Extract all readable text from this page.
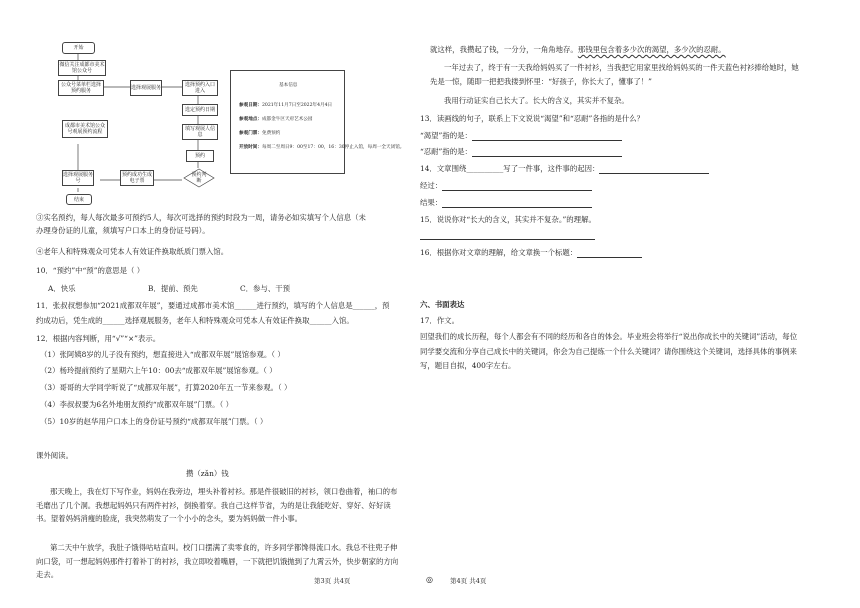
开始
微信关注成都市美术馆公众号
公众号菜单栏选择预约服务	选择观展服务	选择预约入口进入
选定预约日期
填写观展人信息
预约
成都市美术馆公众号观展预约流程
选择观展服务号
预约成功生成电子票
预约判断
结束
基本信息
参观日期：2021年11月7日至2022年4月4日
参观地点：成都金牛区天府艺术公园
参观门票：免费预约
开放时间：每周二至周日9：00至17：00，16：30停止入馆，每周一全天闭馆。
③实名预约，每人每次最多可预约5人，每次可选择的预约时段为一周，请务必如实填写个人信息（未
办理身份证的儿童，须填写户口本上的身份证号码）。
④老年人和特殊观众可凭本人有效证件换取纸质门票入馆。
10．“预约”中“预”的意思是（ ）
A．快乐	B．提前、预先	C．参与、干预
11．张叔叔想参加“2021成都双年展”，要通过成都市美术馆______进行预约，填写的个人信息是______，预
约成功后，凭生成的______选择观展服务，老年人和特殊观众可凭本人有效证件换取______入馆。
12．根据内容判断，用“√”“×”表示。
（1）张阿姨8岁的儿子没有预约，想直接进入“成都双年展”展馆参观。（ ）
（2）杨玲提前预约了星期六上午10：00去“成都双年展”展馆参观。（ ）
（3）哥哥的大学同学听说了“成都双年展”，打算2020年五一节来参观。（ ）
（4）李叔叔要为6名外地朋友预约“成都双年展”门票。（ ）
（5）10岁的赵华用户口本上的身份证号预约“成都双年展”门票。（ ）
课外阅读。
攒（zǎn）钱
那天晚上，我在灯下写作业，妈妈在我旁边，埋头补着衬衫。那是件很破旧的衬衫，领口卷曲着，袖口的布毛磨出了几个洞。我想起妈妈只有两件衬衫，倒换着穿。我自己这样节省，为的是让我能吃好、穿好、好好读书。望着妈妈消瘦的脸庞，我突然萌发了一个小小的念头，要为妈妈做一件小事。
第二天中午放学，我肚子饿得咕咕直叫。校门口摆满了卖零食的，许多同学都馋得流口水。我总不往兜子伸向口袋，可一想起妈妈那件打着补丁的衬衫，我立即咬着嘴唇，一下就把饥饿抛到了九霄云外，快步朝家的方向走去。
第3页 共4页	◎
就这样，我攒起了钱，一分分，一角角地存。那钱里包含着多少次的渴望，多少次的忍耐。
一年过去了，终于有一天我给妈妈买了一件衬衫，当我把它用家里找给妈妈买的一件天蓝色衬衫捧给她时，她先是一惊，随即一把把我搂到怀里：“好孩子，你长大了，懂事了！”
我用行动证实自己长大了。长大的含义，其实并不复杂。
13．读画线的句子，联系上下文说说“渴望”和“忍耐”各指的是什么？
“渴望”指的是：
“忍耐”指的是：
14．文章围绕__________写了一件事，这件事的起因：
经过：
结果：
15．说说你对“长大的含义，其实并不复杂。”的理解。
16．根据你对文章的理解，给文章换一个标题：
六、书面表达
17．作文。
回望我们的成长历程，每个人都会有不同的经历和各自的体会。毕业班会将举行“说出你成长中的关键词”活动，每位同学要交流和分享自己成长中的关键词，你会为自己提炼一个什么关键词？请你围绕这个关键词，选择具体的事例来写，题目自拟，400字左右。
第4页 共4页
